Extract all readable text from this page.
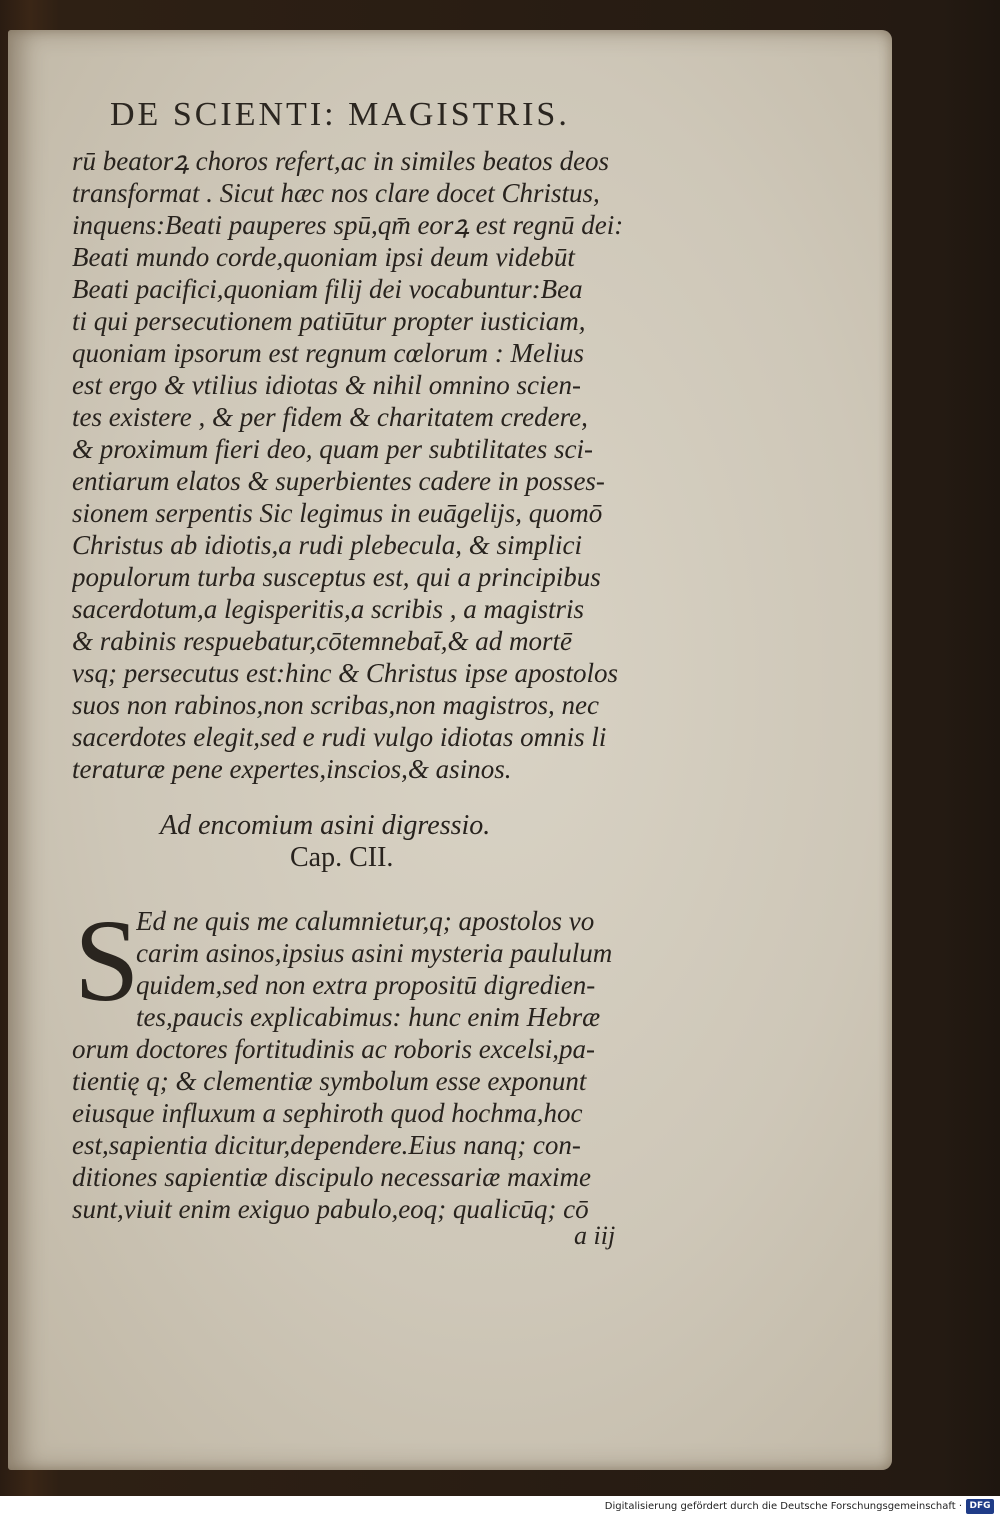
DE SCIENTI: MAGISTRIS.
rū beatorꝝ choros refert,ac in similes beatos deos
transformat . Sicut hæc nos clare docet Christus,
inquens:Beati pauperes spū,qm̄ eorꝝ est regnū dei:
Beati mundo corde,quoniam ipsi deum videbūt
Beati pacifici,quoniam filij dei vocabuntur:Bea
ti qui persecutionem patiūtur propter iusticiam,
quoniam ipsorum est regnum cœlorum : Melius
est ergo & vtilius idiotas & nihil omnino scien-
tes existere , & per fidem & charitatem credere,
& proximum fieri deo, quam per subtilitates sci-
entiarum elatos & superbientes cadere in posses-
sionem serpentis Sic legimus in euāgelijs, quomō
Christus ab idiotis,a rudi plebecula, & simplici
populorum turba susceptus est, qui a principibus
sacerdotum,a legisperitis,a scribis , a magistris
& rabinis respuebatur,cōtemnebat̄,& ad mortē
vsq; persecutus est:hinc & Christus ipse apostolos
suos non rabinos,non scribas,non magistros, nec
sacerdotes elegit,sed e rudi vulgo idiotas omnis li
teraturæ pene expertes,inscios,& asinos.
Ad encomium asini digressio.
Cap. CII.
S
Ed ne quis me calumnietur,q; apostolos vo
carim asinos,ipsius asini mysteria paululum
quidem,sed non extra propositū digredien-
tes,paucis explicabimus: hunc enim Hebræ
orum doctores fortitudinis ac roboris excelsi,pa-
tientię q; & clementiæ symbolum esse exponunt
eiusque influxum a sephiroth quod hochma,hoc
est,sapientia dicitur,dependere.Eius nanq; con-
ditiones sapientiæ discipulo necessariæ maxime
sunt,viuit enim exiguo pabulo,eoq; qualicūq; cō
a iij
Digitalisierung gefördert durch die Deutsche Forschungsgemeinschaft · DFG
